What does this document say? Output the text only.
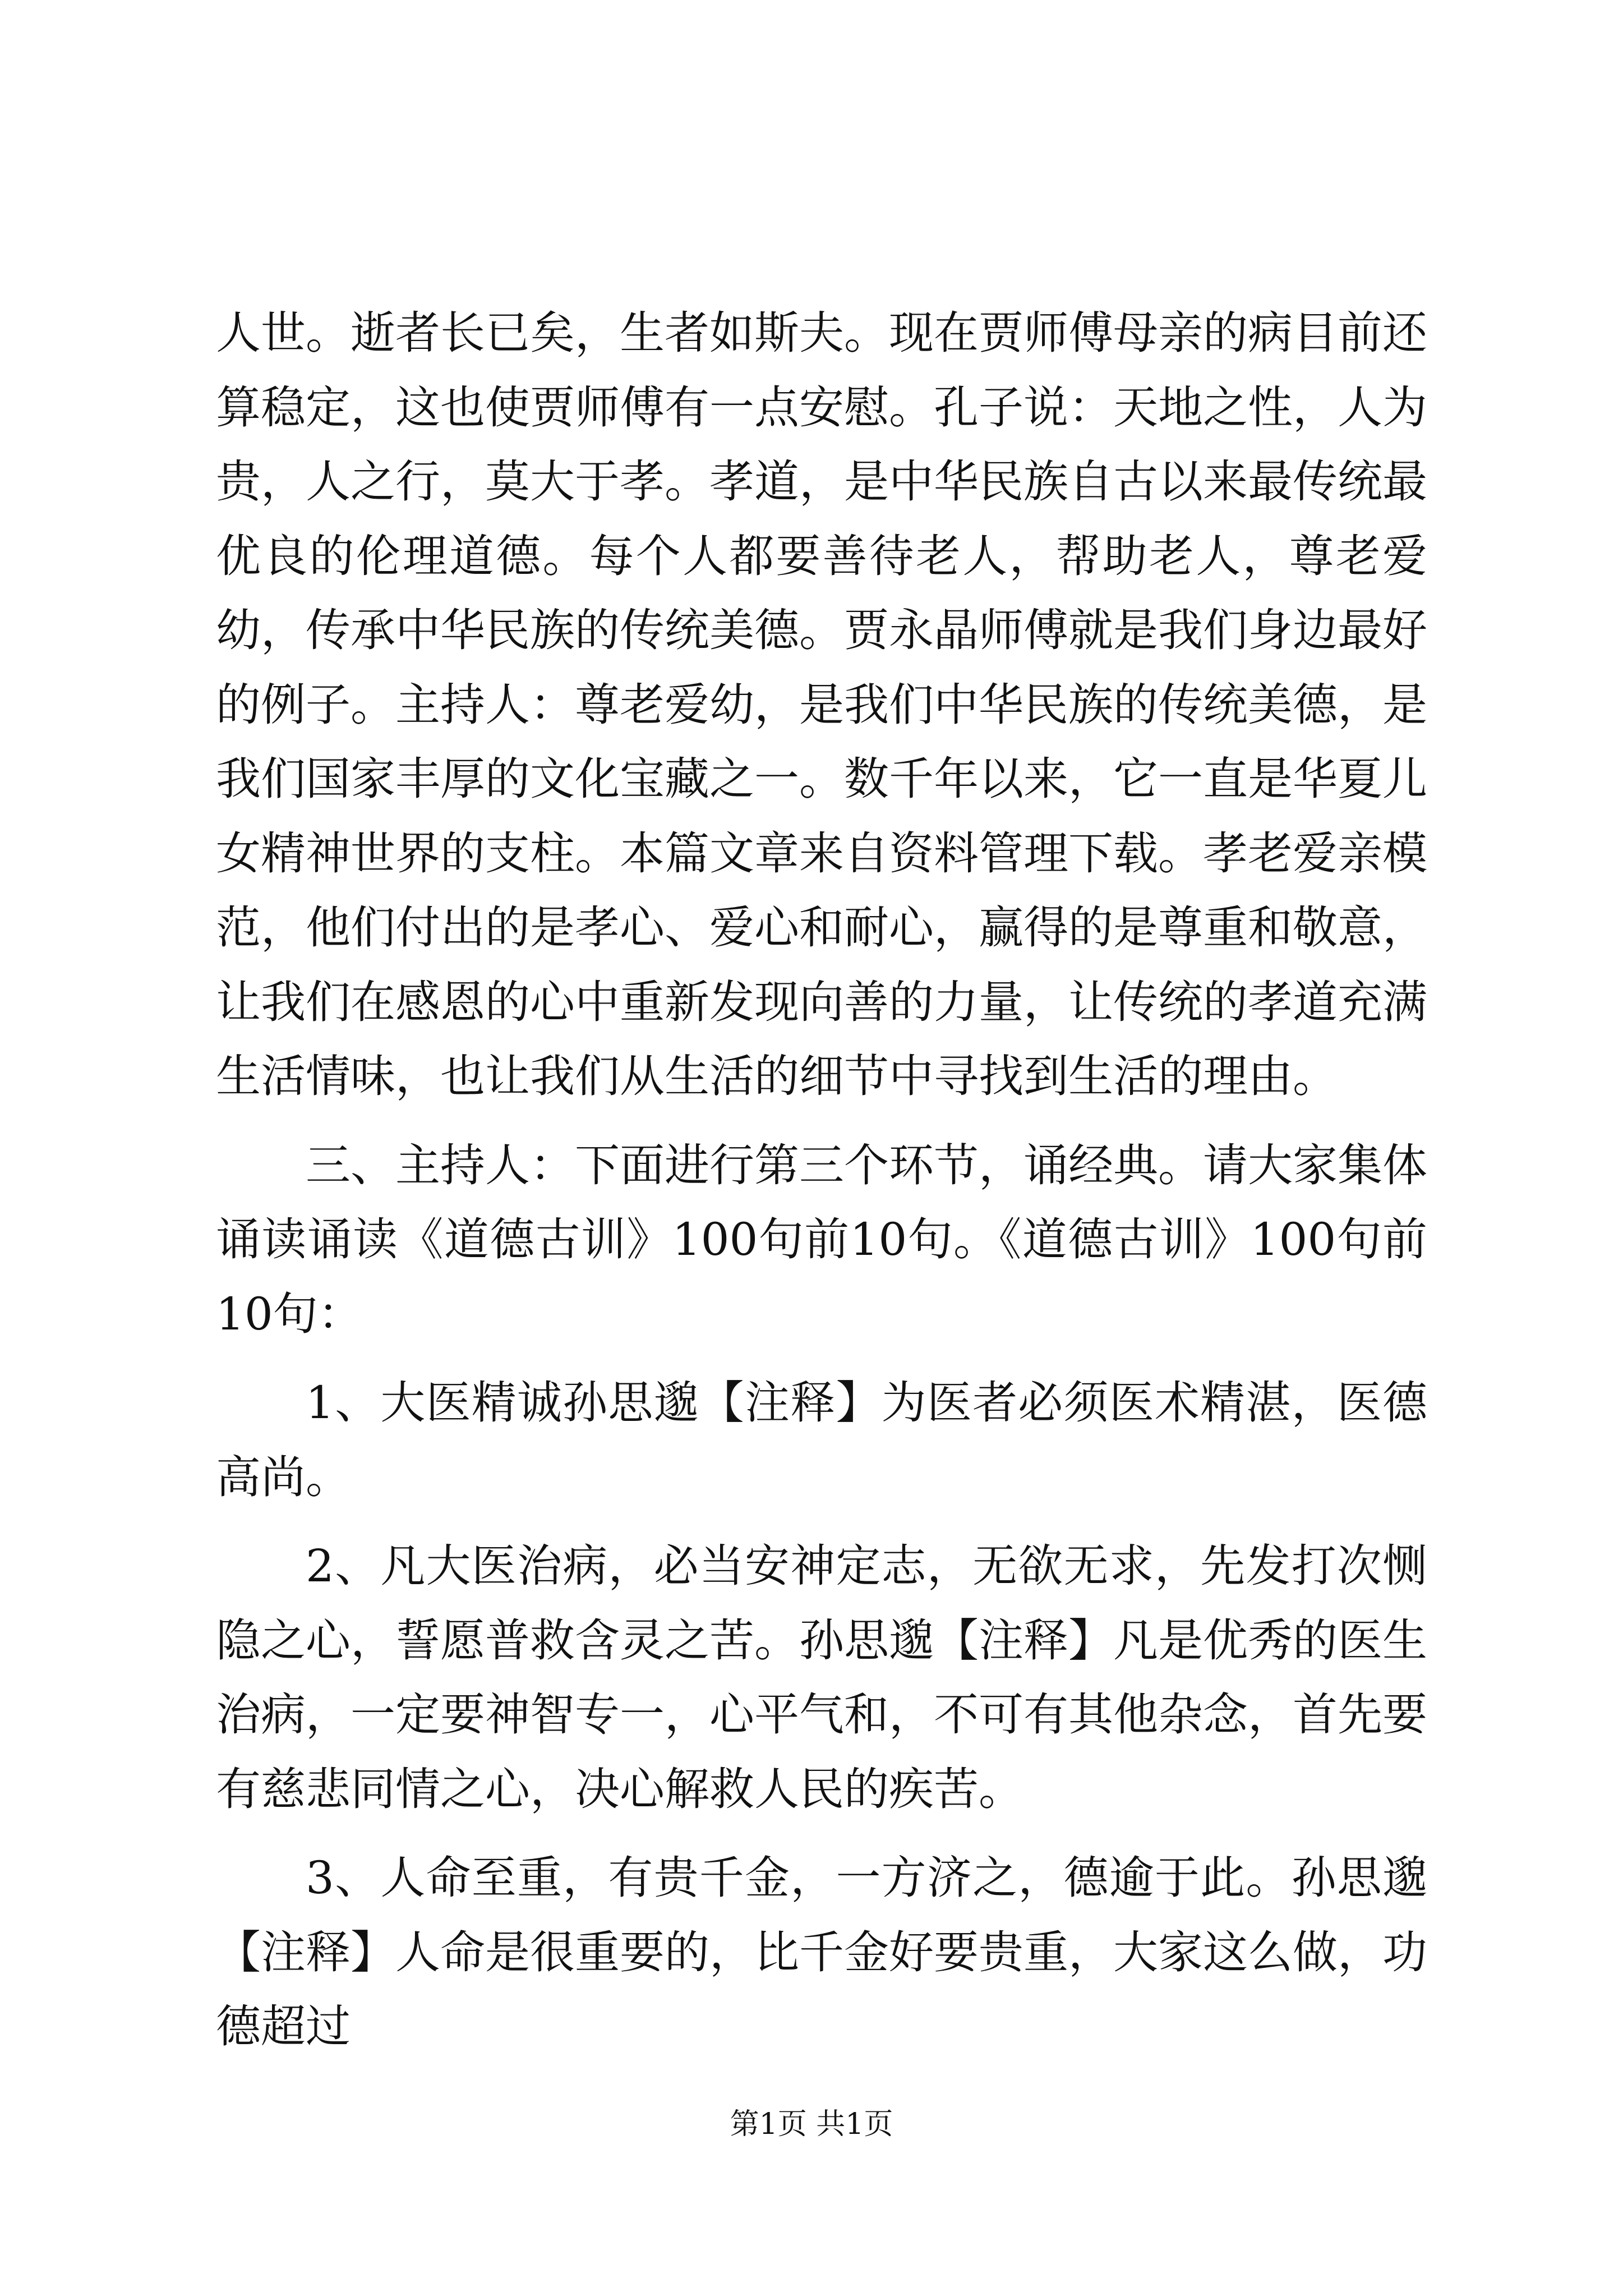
人世。逝者长已矣，生者如斯夫。现在贾师傅母亲的病目前还算稳定，这也使贾师傅有一点安慰。孔子说：天地之性，人为贵，人之行，莫大于孝。孝道，是中华民族自古以来最传统最优良的伦理道德。每个人都要善待老人，帮助老人，尊老爱幼，传承中华民族的传统美德。贾永晶师傅就是我们身边最好的例子。主持人：尊老爱幼，是我们中华民族的传统美德，是我们国家丰厚的文化宝藏之一。数千年以来，它一直是华夏儿女精神世界的支柱。本篇文章来自资料管理下载。孝老爱亲模范，他们付出的是孝心、爱心和耐心，赢得的是尊重和敬意，让我们在感恩的心中重新发现向善的力量，让传统的孝道充满生活情味，也让我们从生活的细节中寻找到生活的理由。

三、主持人：下面进行第三个环节，诵经典。请大家集体诵读诵读《道德古训》100句前10句。《道德古训》100句前10句：

1、大医精诚孙思邈【注释】为医者必须医术精湛，医德高尚。

2、凡大医治病，必当安神定志，无欲无求，先发打次恻隐之心，誓愿普救含灵之苦。孙思邈【注释】凡是优秀的医生治病，一定要神智专一，心平气和，不可有其他杂念，首先要有慈悲同情之心，决心解救人民的疾苦。

3、人命至重，有贵千金，一方济之，德逾于此。孙思邈【注释】人命是很重要的，比千金好要贵重，大家这么做，功德超过

第1页 共1页
